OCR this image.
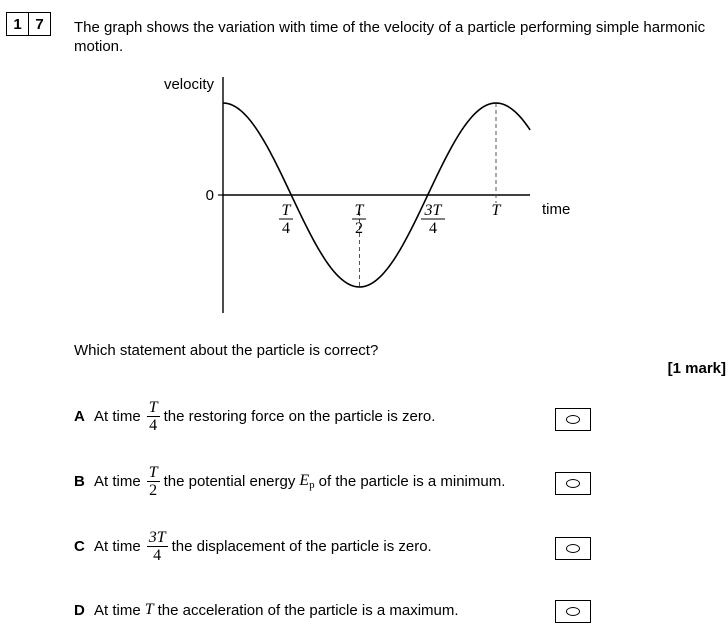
1 7	The graph shows the variation with time of the velocity of a particle performing simple harmonic motion.

velocity
time
0
T
4
T
2
3T
4
T

Which statement about the particle is correct?

[1 mark]
A At time $\frac{T}{4}$ the restoring force on the particle is zero.
B At time $\frac{T}{2}$ the potential energy $E_p$ of the particle is a minimum.
C At time $\frac{3T}{4}$ the displacement of the particle is zero.
D At time T the acceleration of the particle is a maximum.
